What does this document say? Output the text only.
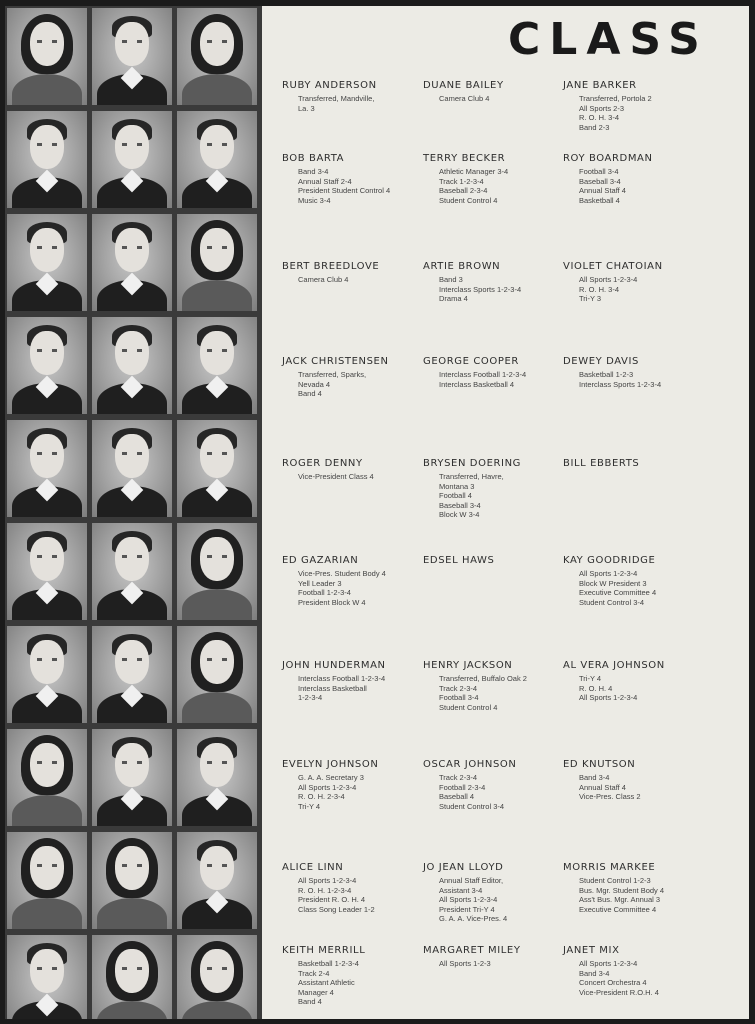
CLASS
RUBY ANDERSON
Transferred, Mandville,
La. 3
DUANE BAILEY
Camera Club 4
JANE BARKER
Transferred, Portola 2
All Sports 2-3
R. O. H. 3-4
Band 2-3
BOB BARTA
Band 3-4
Annual Staff 2-4
President Student Control 4
Music 3-4
TERRY BECKER
Athletic Manager 3-4
Track 1-2-3-4
Baseball 2-3-4
Student Control 4
ROY BOARDMAN
Football 3-4
Baseball 3-4
Annual Staff 4
Basketball 4
BERT BREEDLOVE
Camera Club 4
ARTIE BROWN
Band 3
Interclass Sports 1-2-3-4
Drama 4
VIOLET CHATOIAN
All Sports 1-2-3-4
R. O. H. 3-4
Tri-Y 3
JACK CHRISTENSEN
Transferred, Sparks,
Nevada 4
Band 4
GEORGE COOPER
Interclass Football 1-2-3-4
Interclass Basketball 4
DEWEY DAVIS
Basketball 1-2-3
Interclass Sports 1-2-3-4
ROGER DENNY
Vice-President Class 4
BRYSEN DOERING
Transferred, Havre,
Montana 3
Football 4
Baseball 3-4
Block W 3-4
BILL EBBERTS
ED GAZARIAN
Vice-Pres. Student Body 4
Yell Leader 3
Football 1-2-3-4
President Block W 4
EDSEL HAWS	KAY GOODRIDGE
All Sports 1-2-3-4
Block W President 3
Executive Committee 4
Student Control 3-4
JOHN HUNDERMAN
Interclass Football 1-2-3-4
Interclass Basketball
1-2-3-4
HENRY JACKSON
Transferred, Buffalo Oak 2
Track 2-3-4
Football 3-4
Student Control 4
AL VERA JOHNSON
Tri-Y 4
R. O. H. 4
All Sports 1-2-3-4
EVELYN JOHNSON
G. A. A. Secretary 3
All Sports 1-2-3-4
R. O. H. 2-3-4
Tri-Y 4
OSCAR JOHNSON
Track 2-3-4
Football 2-3-4
Baseball 4
Student Control 3-4
ED KNUTSON
Band 3-4
Annual Staff 4
Vice-Pres. Class 2
ALICE LINN
All Sports 1-2-3-4
R. O. H. 1-2-3-4
President R. O. H. 4
Class Song Leader 1-2
JO JEAN LLOYD
Annual Staff Editor,
Assistant 3-4
All Sports 1-2-3-4
President Tri-Y 4
G. A. A. Vice-Pres. 4
MORRIS MARKEE
Student Control 1-2-3
Bus. Mgr. Student Body 4
Ass't Bus. Mgr. Annual 3
Executive Committee 4
KEITH MERRILL
Basketball 1-2-3-4
Track 2-4
Assistant Athletic
Manager 4
Band 4
MARGARET MILEY
All Sports 1-2-3
JANET MIX
All Sports 1-2-3-4
Band 3-4
Concert Orchestra 4
Vice-President R.O.H. 4
